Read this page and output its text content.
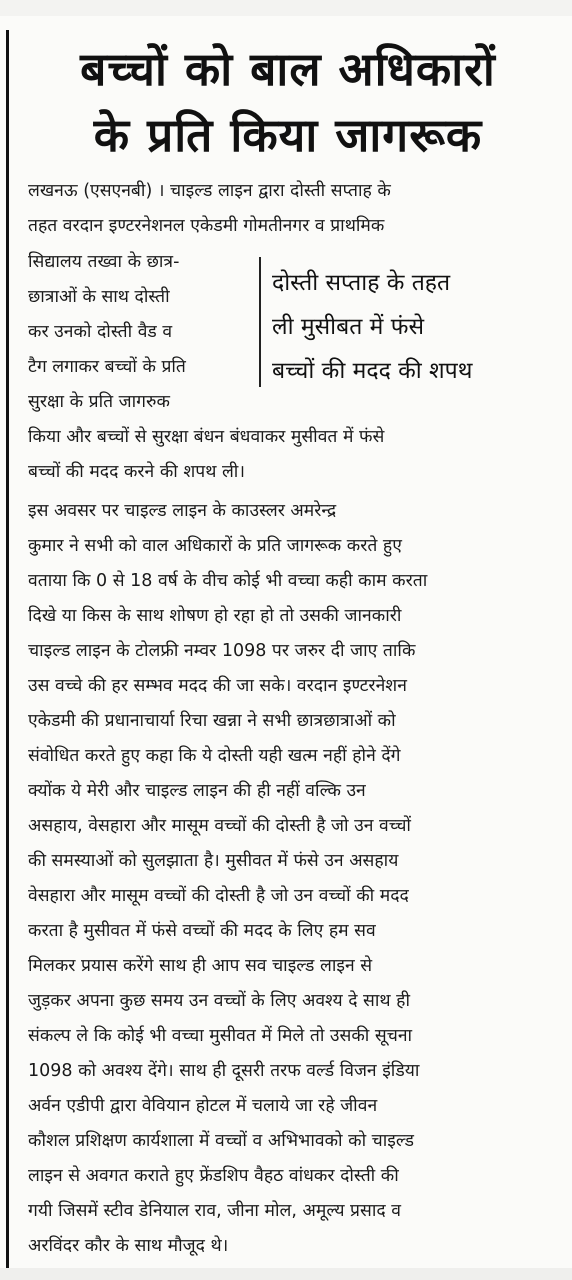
बच्चों को बाल अधिकारों
के प्रति किया जागरूक
लखनऊ (एसएनबी) । चाइल्ड लाइन द्वारा दोस्ती सप्ताह के
तहत वरदान इण्टरनेशनल एकेडमी गोमतीनगर व प्राथमिक
सिद्यालय तख्वा के छात्र-
छात्राओं के साथ दोस्ती
कर उनको दोस्ती वैड व
टैग लगाकर बच्चों के प्रति
सुरक्षा के प्रति जागरुक
दोस्ती सप्ताह के तहत
ली मुसीबत में फंसे
बच्चों की मदद की शपथ
किया और बच्चों से सुरक्षा बंधन बंधवाकर मुसीवत में फंसे
बच्चों की मदद करने की शपथ ली।
इस अवसर पर चाइल्ड लाइन के काउस्लर अमरेन्द्र
कुमार ने सभी को वाल अधिकारों के प्रति जागरूक करते हुए
वताया कि 0 से 18 वर्ष के वीच कोई भी वच्चा कही काम करता
दिखे या किस के साथ शोषण हो रहा हो तो उसकी जानकारी
चाइल्ड लाइन के टोलफ्री नम्वर 1098 पर जरुर दी जाए ताकि
उस वच्चे की हर सम्भव मदद की जा सके। वरदान इण्टरनेशन
एकेडमी की प्रधानाचार्या रिचा खन्ना ने सभी छात्रछात्राओं को
संवोधित करते हुए कहा कि ये दोस्ती यही खत्म नहीं होने देंगे
क्योंक ये मेरी और चाइल्ड लाइन की ही नहीं वल्कि उन
असहाय, वेसहारा और मासूम वच्चों की दोस्ती है जो उन वच्चों
की समस्याओं को सुलझाता है। मुसीवत में फंसे उन असहाय
वेसहारा और मासूम वच्चों की दोस्ती है जो उन वच्चों की मदद
करता है मुसीवत में फंसे वच्चों की मदद के लिए हम सव
मिलकर प्रयास करेंगे साथ ही आप सव चाइल्ड लाइन से
जुड़कर अपना कुछ समय उन वच्चों के लिए अवश्य दे साथ ही
संकल्प ले कि कोई भी वच्चा मुसीवत में मिले तो उसकी सूचना
1098 को अवश्य देंगे। साथ ही दूसरी तरफ वर्ल्ड विजन इंडिया
अर्वन एडीपी द्वारा वेवियान होटल में चलाये जा रहे जीवन
कौशल प्रशिक्षण कार्यशाला में वच्चों व अभिभावको को चाइल्ड
लाइन से अवगत कराते हुए फ्रेंडशिप वैहठ वांधकर दोस्ती की
गयी जिसमें स्टीव डेनियाल राव, जीना मोल, अमूल्य प्रसाद व
अरविंदर कौर के साथ मौजूद थे।
